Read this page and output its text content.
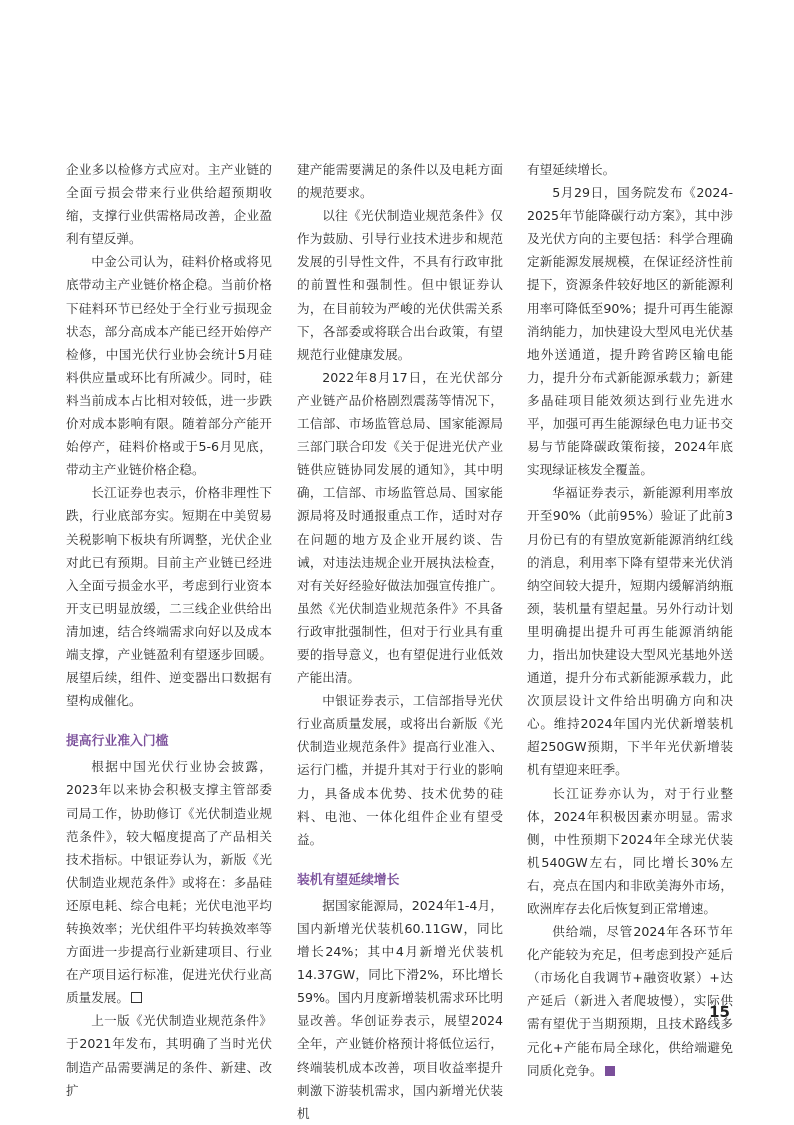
企业多以检修方式应对。主产业链的全面亏损会带来行业供给超预期收缩，支撑行业供需格局改善，企业盈利有望反弹。

中金公司认为，硅料价格或将见底带动主产业链价格企稳。当前价格下硅料环节已经处于全行业亏损现金状态，部分高成本产能已经开始停产检修，中国光伏行业协会统计5月硅料供应量或环比有所减少。同时，硅料当前成本占比相对较低，进一步跌价对成本影响有限。随着部分产能开始停产，硅料价格或于5-6月见底，带动主产业链价格企稳。

长江证券也表示，价格非理性下跌，行业底部夯实。短期在中美贸易关税影响下板块有所调整，光伏企业对此已有预期。目前主产业链已经进入全面亏损金水平，考虑到行业资本开支已明显放缓，二三线企业供给出清加速，结合终端需求向好以及成本端支撑，产业链盈利有望逐步回暖。展望后续，组件、逆变器出口数据有望构成催化。

提高行业准入门槛

根据中国光伏行业协会披露，2023年以来协会积极支撑主管部委司局工作，协助修订《光伏制造业规范条件》，较大幅度提高了产品相关技术指标。中银证券认为，新版《光伏制造业规范条件》或将在：多晶硅还原电耗、综合电耗；光伏电池平均转换效率；光伏组件平均转换效率等方面进一步提高行业新建项目、行业在产项目运行标准，促进光伏行业高质量发展。

上一版《光伏制造业规范条件》于2021年发布，其明确了当时光伏制造产品需要满足的条件、新建、改扩

建产能需要满足的条件以及电耗方面的规范要求。

以往《光伏制造业规范条件》仅作为鼓励、引导行业技术进步和规范发展的引导性文件，不具有行政审批的前置性和强制性。但中银证券认为，在目前较为严峻的光伏供需关系下，各部委或将联合出台政策，有望规范行业健康发展。

2022年8月17日，在光伏部分产业链产品价格剧烈震荡等情况下，工信部、市场监管总局、国家能源局三部门联合印发《关于促进光伏产业链供应链协同发展的通知》，其中明确，工信部、市场监管总局、国家能源局将及时通报重点工作，适时对存在问题的地方及企业开展约谈、告诫，对违法违规企业开展执法检查，对有关好经验好做法加强宣传推广。虽然《光伏制造业规范条件》不具备行政审批强制性，但对于行业具有重要的指导意义，也有望促进行业低效产能出清。

中银证券表示，工信部指导光伏行业高质量发展，或将出台新版《光伏制造业规范条件》提高行业准入、运行门槛，并提升其对于行业的影响力，具备成本优势、技术优势的硅料、电池、一体化组件企业有望受益。

装机有望延续增长

据国家能源局，2024年1-4月，国内新增光伏装机60.11GW，同比增长24%；其中4月新增光伏装机14.37GW，同比下滑2%，环比增长59%。国内月度新增装机需求环比明显改善。华创证券表示，展望2024全年，产业链价格预计将低位运行，终端装机成本改善，项目收益率提升刺激下游装机需求，国内新增光伏装机

有望延续增长。

5月29日，国务院发布《2024-2025年节能降碳行动方案》，其中涉及光伏方向的主要包括：科学合理确定新能源发展规模，在保证经济性前提下，资源条件较好地区的新能源利用率可降低至90%；提升可再生能源消纳能力，加快建设大型风电光伏基地外送通道，提升跨省跨区输电能力，提升分布式新能源承载力；新建多晶硅项目能效须达到行业先进水平，加强可再生能源绿色电力证书交易与节能降碳政策衔接，2024年底实现绿证核发全覆盖。

华福证券表示，新能源利用率放开至90%（此前95%）验证了此前3月份已有的有望放宽新能源消纳红线的消息，利用率下降有望带来光伏消纳空间较大提升，短期内缓解消纳瓶颈，装机量有望起量。另外行动计划里明确提出提升可再生能源消纳能力，指出加快建设大型风光基地外送通道，提升分布式新能源承载力，此次顶层设计文件给出明确方向和决心。维持2024年国内光伏新增装机超250GW预期，下半年光伏新增装机有望迎来旺季。

长江证券亦认为，对于行业整体，2024年积极因素亦明显。需求侧，中性预期下2024年全球光伏装机540GW左右，同比增长30%左右，亮点在国内和非欧美海外市场，欧洲库存去化后恢复到正常增速。

供给端，尽管2024年各环节年化产能较为充足，但考虑到投产延后（市场化自我调节+融资收紧）+达产延后（新进入者爬坡慢），实际供需有望优于当期预期，且技术路线多元化+产能布局全球化，供给端避免同质化竞争。

15
